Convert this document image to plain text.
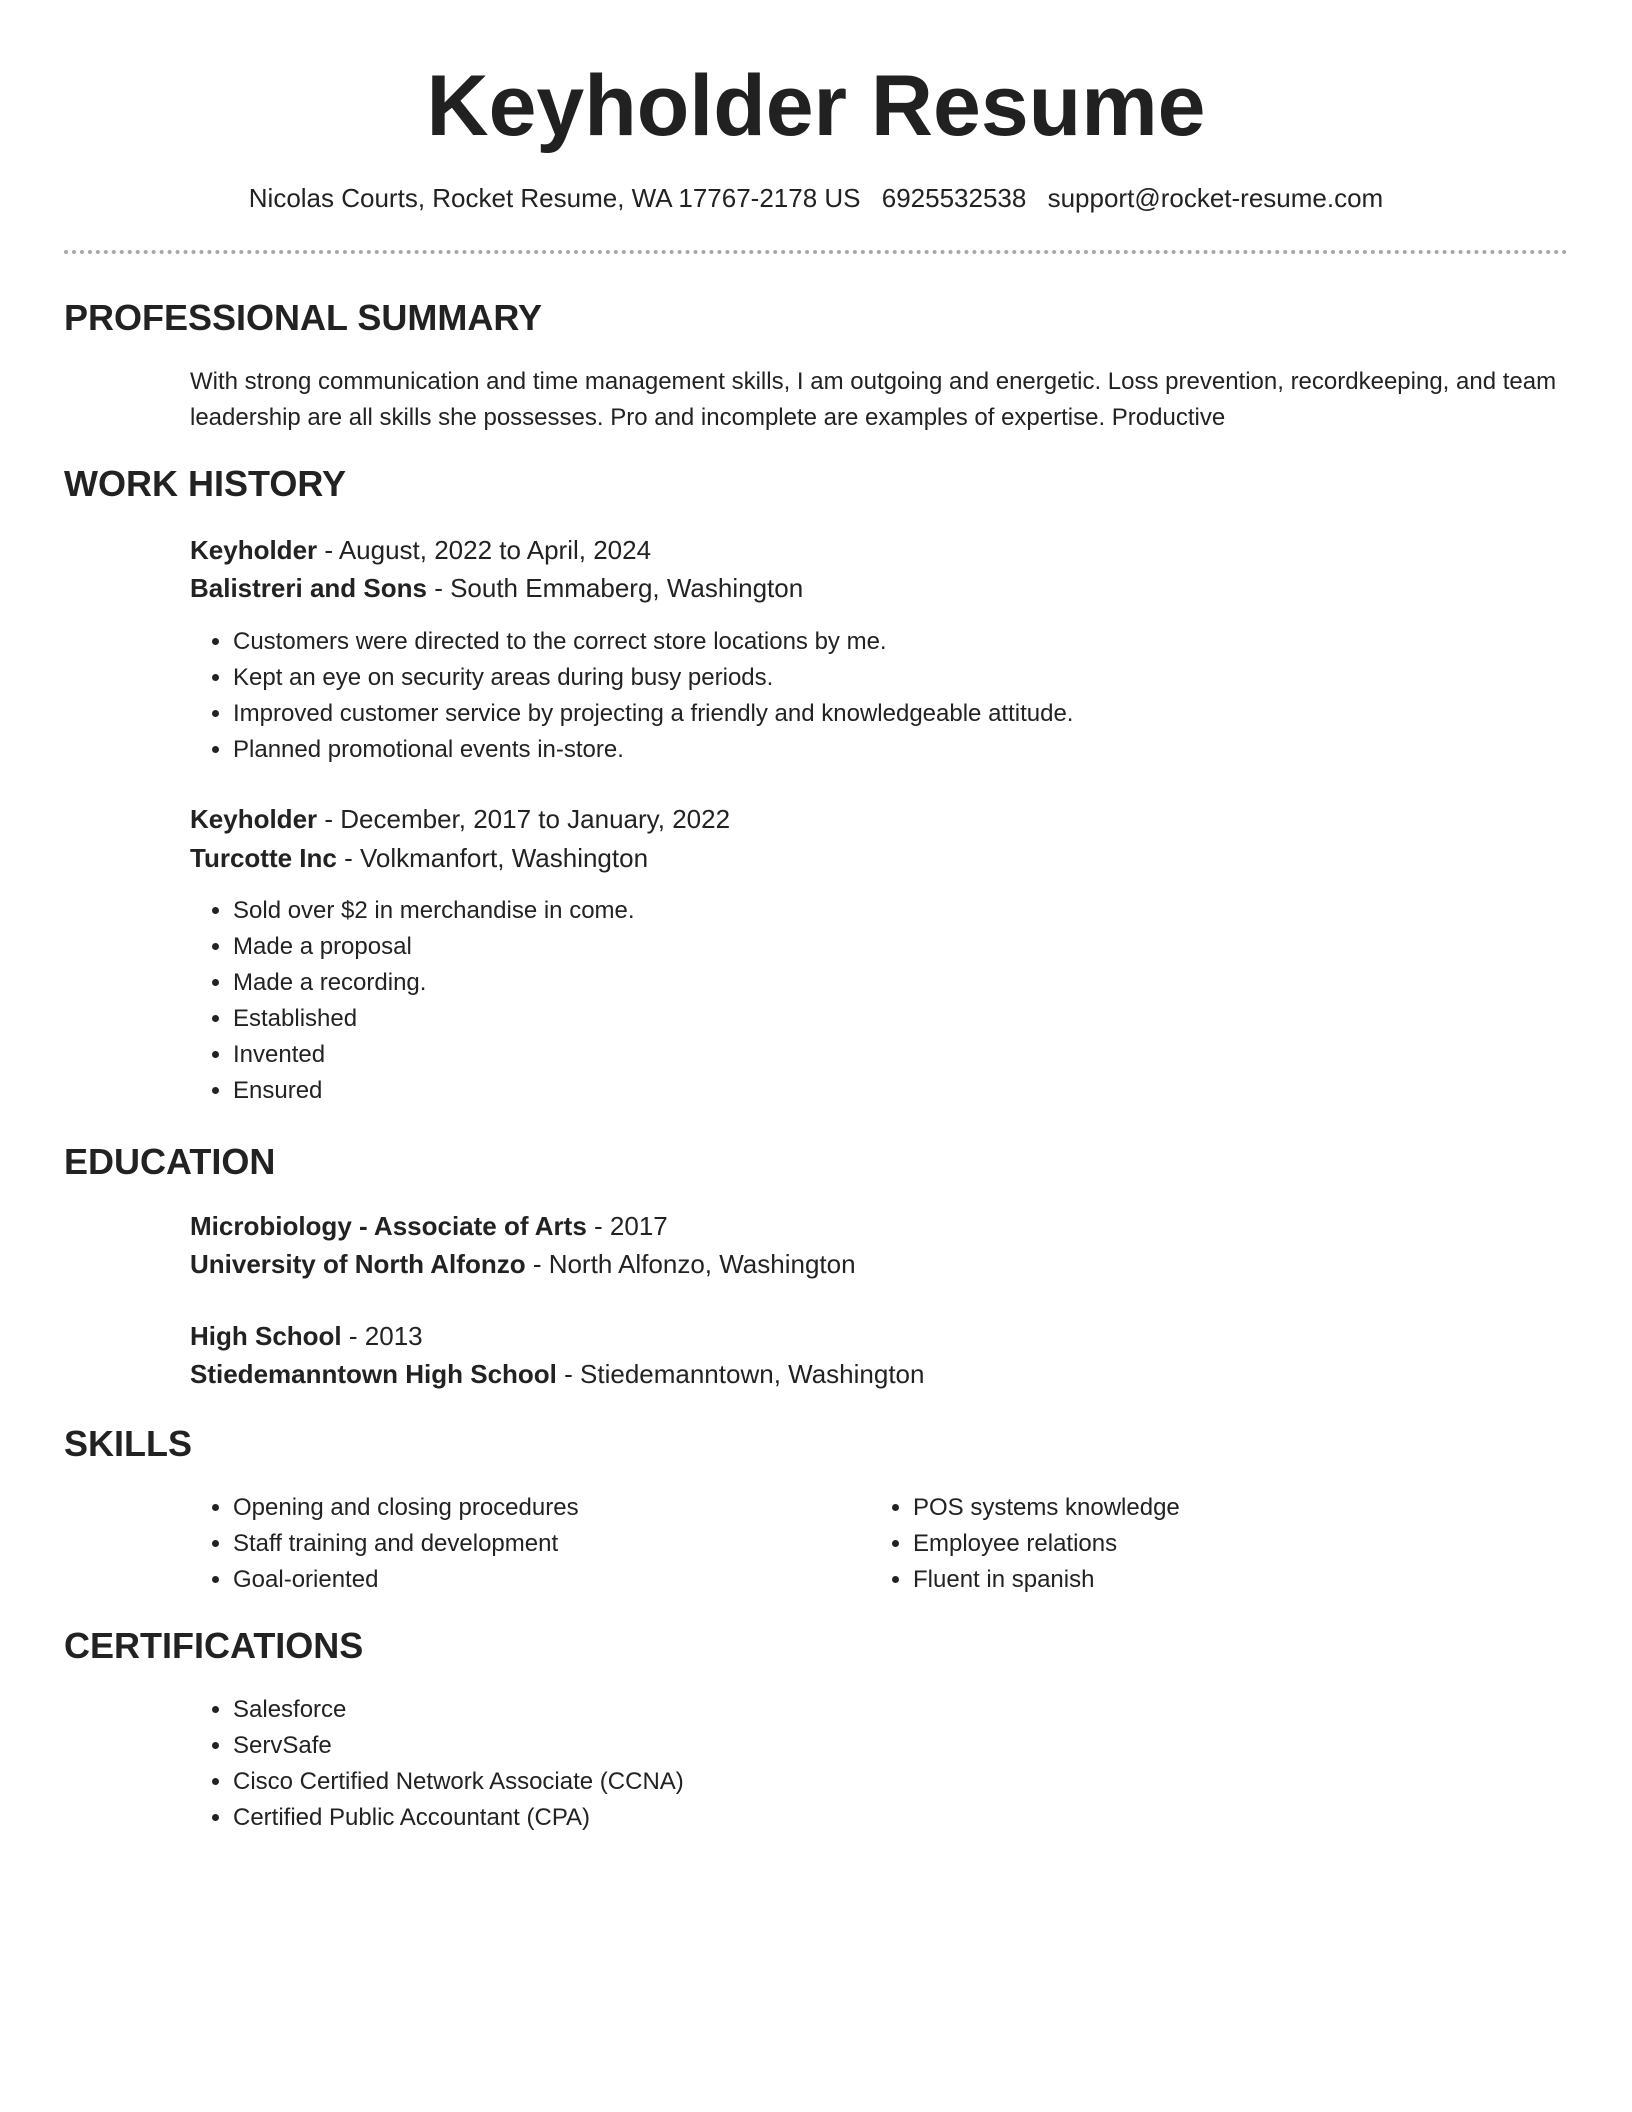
Keyholder Resume
Nicolas Courts, Rocket Resume, WA 17767-2178 US 6925532538 support@rocket-resume.com
PROFESSIONAL SUMMARY
With strong communication and time management skills, I am outgoing and energetic. Loss prevention, recordkeeping, and team leadership are all skills she possesses. Pro and incomplete are examples of expertise. Productive
WORK HISTORY
Keyholder - August, 2022 to April, 2024
Balistreri and Sons - South Emmaberg, Washington
• Customers were directed to the correct store locations by me.
• Kept an eye on security areas during busy periods.
• Improved customer service by projecting a friendly and knowledgeable attitude.
• Planned promotional events in-store.
Keyholder - December, 2017 to January, 2022
Turcotte Inc - Volkmanfort, Washington
• Sold over $2 in merchandise in come.
• Made a proposal
• Made a recording.
• Established
• Invented
• Ensured
EDUCATION
Microbiology - Associate of Arts - 2017
University of North Alfonzo - North Alfonzo, Washington
High School - 2013
Stiedemanntown High School - Stiedemanntown, Washington
SKILLS
• Opening and closing procedures
• Staff training and development
• Goal-oriented
• POS systems knowledge
• Employee relations
• Fluent in spanish
CERTIFICATIONS
• Salesforce
• ServSafe
• Cisco Certified Network Associate (CCNA)
• Certified Public Accountant (CPA)
